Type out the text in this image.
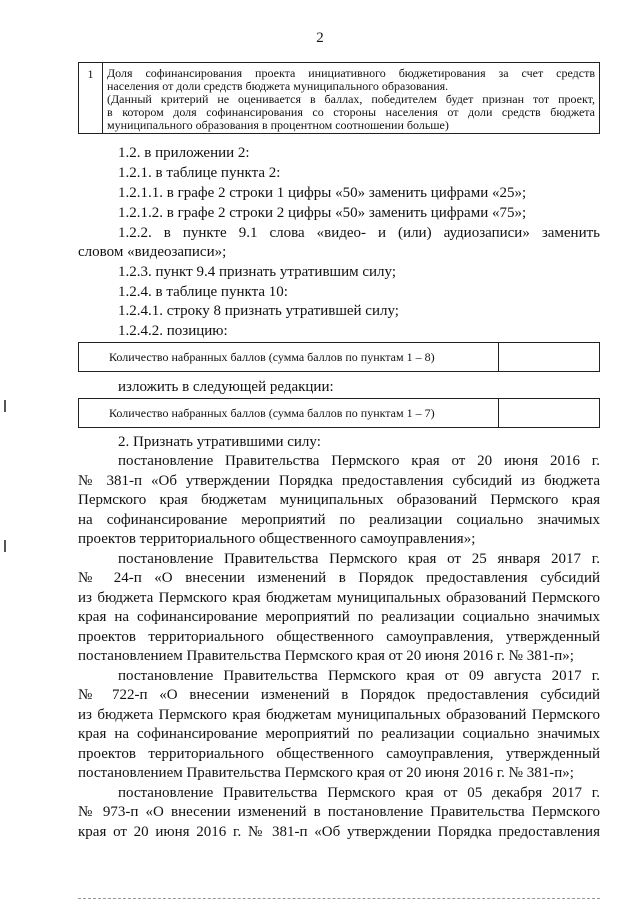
2
1	Доля софинансирования проекта инициативного бюджетирования за счет средств
населения от доли средств бюджета муниципального образования.
(Данный критерий не оценивается в баллах, победителем будет признан тот проект,
в котором доля софинансирования со стороны населения от доли средств бюджета
муниципального образования в процентном соотношении больше)
1.2. в приложении 2:
1.2.1. в таблице пункта 2:
1.2.1.1. в графе 2 строки 1 цифры «50» заменить цифрами «25»;
1.2.1.2. в графе 2 строки 2 цифры «50» заменить цифрами «75»;
1.2.2. в пункте 9.1 слова «видео- и (или) аудиозаписи» заменить
словом «видеозаписи»;
1.2.3. пункт 9.4 признать утратившим силу;
1.2.4. в таблице пункта 10:
1.2.4.1. строку 8 признать утратившей силу;
1.2.4.2. позицию:
Количество набранных баллов (сумма баллов по пунктам 1 – 8)
изложить в следующей редакции:
Количество набранных баллов (сумма баллов по пунктам 1 – 7)
2. Признать утратившими силу:
постановление Правительства Пермского края от 20 июня 2016 г.
№ 381-п «Об утверждении Порядка предоставления субсидий из бюджета
Пермского края бюджетам муниципальных образований Пермского края
на софинансирование мероприятий по реализации социально значимых
проектов территориального общественного самоуправления»;
постановление Правительства Пермского края от 25 января 2017 г.
№ 24-п «О внесении изменений в Порядок предоставления субсидий
из бюджета Пермского края бюджетам муниципальных образований Пермского
края на софинансирование мероприятий по реализации социально значимых
проектов территориального общественного самоуправления, утвержденный
постановлением Правительства Пермского края от 20 июня 2016 г. № 381-п»;
постановление Правительства Пермского края от 09 августа 2017 г.
№ 722-п «О внесении изменений в Порядок предоставления субсидий
из бюджета Пермского края бюджетам муниципальных образований Пермского
края на софинансирование мероприятий по реализации социально значимых
проектов территориального общественного самоуправления, утвержденный
постановлением Правительства Пермского края от 20 июня 2016 г. № 381-п»;
постановление Правительства Пермского края от 05 декабря 2017 г.
№ 973-п «О внесении изменений в постановление Правительства Пермского
края от 20 июня 2016 г. № 381-п «Об утверждении Порядка предоставления
